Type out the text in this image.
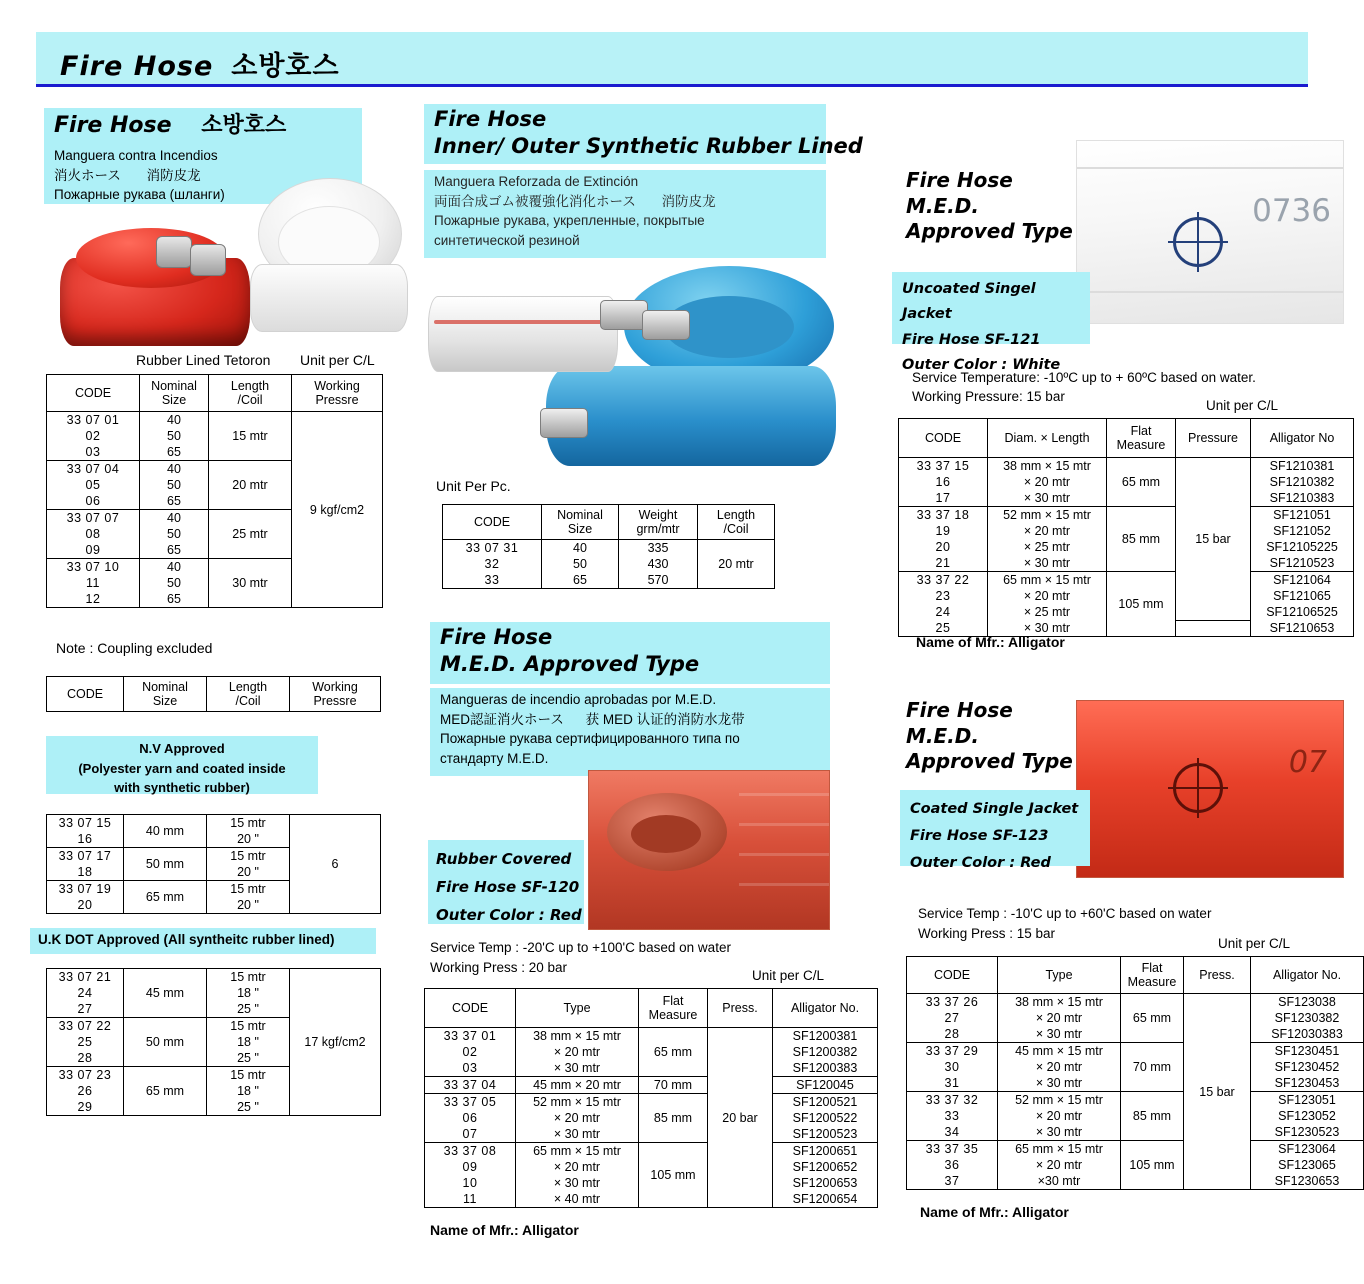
Fire Hose 소방호스
Fire Hose 소방호스
Manguera contra Incendios
消火ホース 消防皮龙
Пожарные рукава (шланги)
Rubber Lined Tetoron Unit per C/L
CODE	Nominal
Size	Length
/Coil	Working
Pressre
33 07 01	40	15 mtr	9 kgf/cm2
02	50		
03	65		
33 07 04	40	20 mtr	
05	50		
06	65		
33 07 07	40	25 mtr	
08	50		
09	65		
33 07 10	40	30 mtr	
11	50		
12	65		
Note : Coupling excluded
CODE	Nominal
Size	Length
/Coil	Working
Pressre
N.V Approved
(Polyester yarn and coated inside
with synthetic rubber)
33 07 15	40 mm	15 mtr	6
16		20 "	
33 07 17	50 mm	15 mtr	
18		20 "	
33 07 19	65 mm	15 mtr	
20		20 "	
U.K DOT Approved (All syntheitc rubber lined)
33 07 21	45 mm	15 mtr	17 kgf/cm2
24		18 "	
27		25 "	
33 07 22	50 mm	15 mtr	
25		18 "	
28		25 "	
33 07 23	65 mm	15 mtr	
26		18 "	
29		25 "	
Fire Hose
Inner/ Outer Synthetic Rubber Lined
Manguera Reforzada de Extinción
両面合成ゴム被覆強化消化ホース 消防皮龙
Пожарные рукава, укрепленные, покрытые
синтетической резиной
Unit Per Pc.
CODE	Nominal
Size	Weight
grm/mtr	Length
/Coil
33 07 31	40	335	20 mtr
32	50	430	
33	65	570	
Fire Hose
M.E.D. Approved Type
Mangueras de incendio aprobadas por M.E.D.
MED認証消火ホース 获 MED 认证的消防水龙带
Пожарные рукава сертифицированного типа по
стандарту M.E.D.
Rubber Covered
Fire Hose SF-120
Outer Color : Red
Service Temp : -20'C up to +100'C based on water
Working Press : 20 bar
Unit per C/L
CODE	Type	Flat
Measure	Press.	Alligator No.
33 37 01	38 mm × 15 mtr	65 mm	20 bar	SF1200381
02	× 20 mtr			SF1200382
03	× 30 mtr			SF1200383
33 37 04	45 mm × 20 mtr	70 mm		SF120045
33 37 05	52 mm × 15 mtr	85 mm		SF1200521
06	× 20 mtr			SF1200522
07	× 30 mtr			SF1200523
33 37 08	65 mm × 15 mtr	105 mm		SF1200651
09	× 20 mtr			SF1200652
10	× 30 mtr			SF1200653
11	× 40 mtr			SF1200654
Name of Mfr.: Alligator
0736
Fire Hose
M.E.D.
Approved Type
Uncoated Singel Jacket
Fire Hose SF-121
Outer Color : White
Service Temperature: -10ºC up to + 60ºC based on water.
Working Pressure: 15 bar
Unit per C/L
CODE	Diam. × Length	Flat
Measure	Pressure	Alligator No
33 37 15	38 mm × 15 mtr	65 mm	15 bar	SF1210381
16	× 20 mtr			SF1210382
17	× 30 mtr			SF1210383
33 37 18	52 mm × 15 mtr	85 mm		SF121051
19	× 20 mtr			SF121052
20	× 25 mtr			SF12105225
21	× 30 mtr			SF1210523
33 37 22	65 mm × 15 mtr	105 mm		SF121064
23	× 20 mtr			SF121065
24	× 25 mtr			SF12106525
25	× 30 mtr			SF1210653
Name of Mfr.: Alligator
07
Fire Hose
M.E.D.
Approved Type
Coated Single Jacket
Fire Hose SF-123
Outer Color : Red
Service Temp : -10'C up to +60'C based on water
Working Press : 15 bar
Unit per C/L
CODE	Type	Flat
Measure	Press.	Alligator No.
33 37 26	38 mm × 15 mtr	65 mm	15 bar	SF123038
27	× 20 mtr			SF1230382
28	× 30 mtr			SF12030383
33 37 29	45 mm × 15 mtr	70 mm		SF1230451
30	× 20 mtr			SF1230452
31	× 30 mtr			SF1230453
33 37 32	52 mm × 15 mtr	85 mm		SF123051
33	× 20 mtr			SF123052
34	× 30 mtr			SF1230523
33 37 35	65 mm × 15 mtr	105 mm		SF123064
36	× 20 mtr			SF123065
37	×30 mtr			SF1230653
Name of Mfr.: Alligator
